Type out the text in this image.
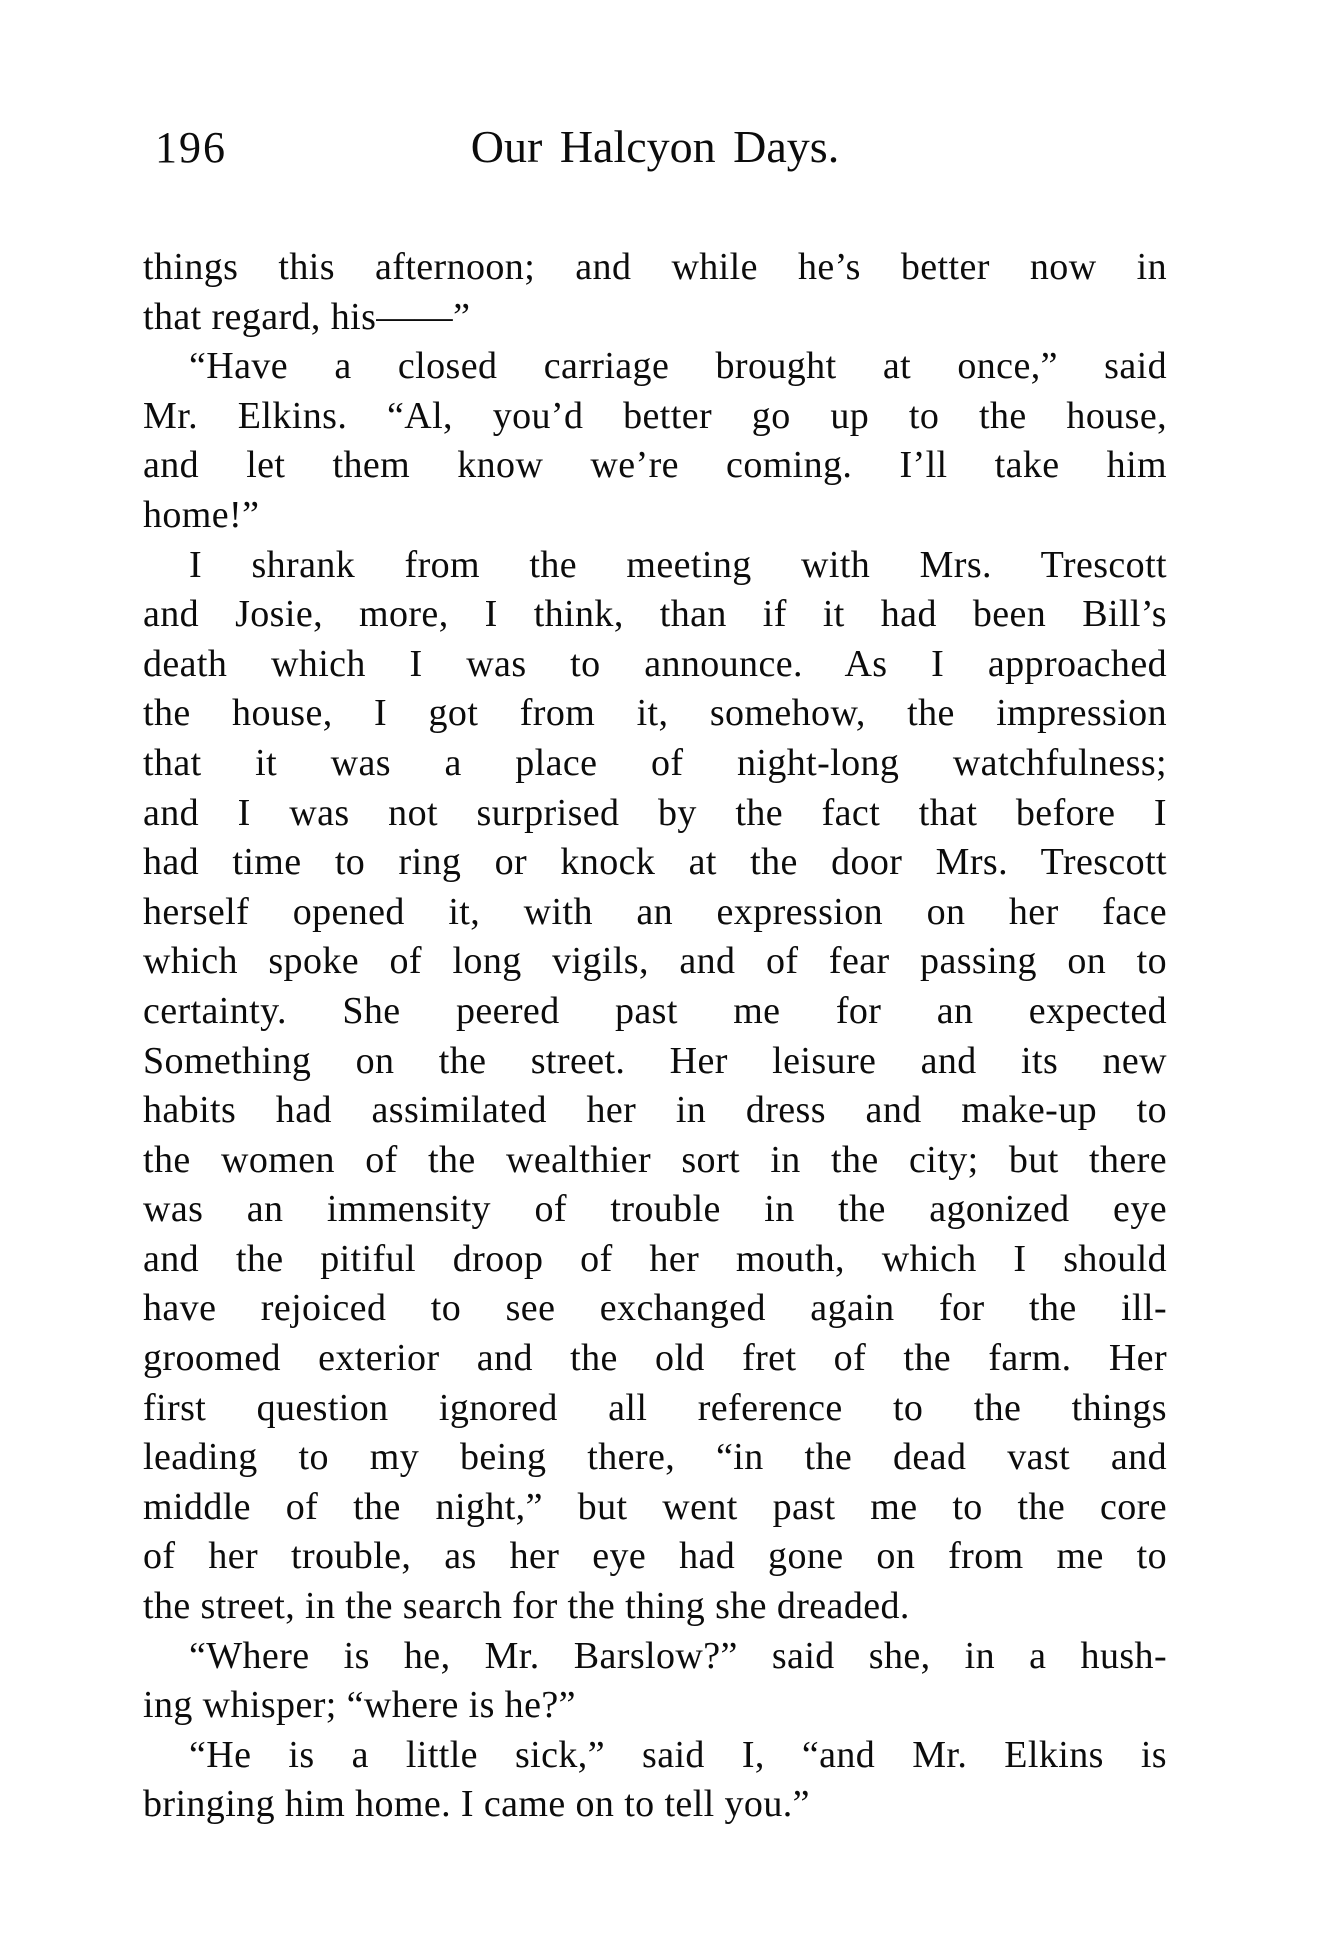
196	Our Halcyon Days.
things this afternoon; and while he’s better now in
that regard, his——”
“Have a closed carriage brought at once,” said
Mr. Elkins. “Al, you’d better go up to the house,
and let them know we’re coming. I’ll take him
home!”
I shrank from the meeting with Mrs. Trescott
and Josie, more, I think, than if it had been Bill’s
death which I was to announce. As I approached
the house, I got from it, somehow, the impression
that it was a place of night-long watchfulness;
and I was not surprised by the fact that before I
had time to ring or knock at the door Mrs. Trescott
herself opened it, with an expression on her face
which spoke of long vigils, and of fear passing on to
certainty. She peered past me for an expected
Something on the street. Her leisure and its new
habits had assimilated her in dress and make-up to
the women of the wealthier sort in the city; but there
was an immensity of trouble in the agonized eye
and the pitiful droop of her mouth, which I should
have rejoiced to see exchanged again for the ill-
groomed exterior and the old fret of the farm. Her
first question ignored all reference to the things
leading to my being there, “in the dead vast and
middle of the night,” but went past me to the core
of her trouble, as her eye had gone on from me to
the street, in the search for the thing she dreaded.
“Where is he, Mr. Barslow?” said she, in a hush-
ing whisper; “where is he?”
“He is a little sick,” said I, “and Mr. Elkins is
bringing him home. I came on to tell you.”
